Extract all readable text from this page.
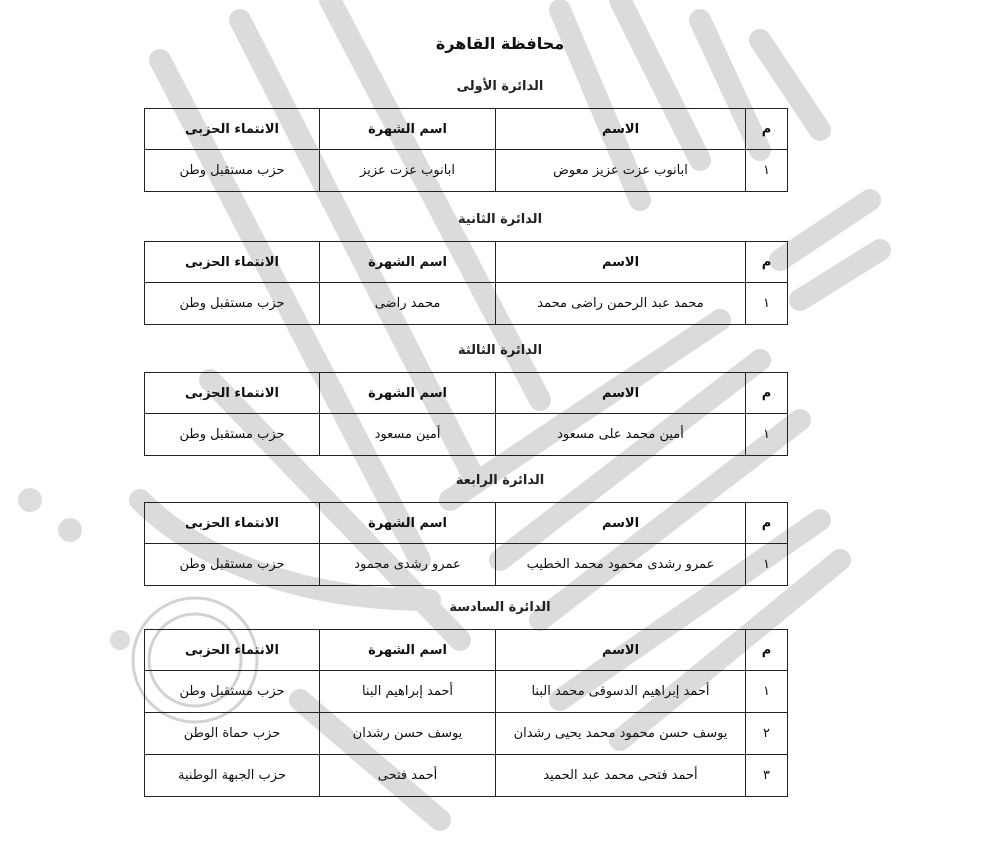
محافظة القاهرة
الدائرة الأولى
م	الاسم	اسم الشهرة	الانتماء الحزبى
١	ابانوب عزت عزيز معوض	ابانوب عزت عزيز	حزب مستقبل وطن
الدائرة الثانية
م	الاسم	اسم الشهرة	الانتماء الحزبى
١	محمد عبد الرحمن راضى محمد	محمد راضى	حزب مستقبل وطن
الدائرة الثالثة
م	الاسم	اسم الشهرة	الانتماء الحزبى
١	أمين محمد على مسعود	أمين مسعود	حزب مستقبل وطن
الدائرة الرابعة
م	الاسم	اسم الشهرة	الانتماء الحزبى
١	عمرو رشدى محمود محمد الخطيب	عمرو رشدى محمود	حزب مستقبل وطن
الدائرة السادسة
م	الاسم	اسم الشهرة	الانتماء الحزبى
١	أحمد إبراهيم الدسوقى محمد البنا	أحمد إبراهيم البنا	حزب مستقبل وطن
٢	يوسف حسن محمود محمد يحيى رشدان	يوسف حسن رشدان	حزب حماة الوطن
٣	أحمد فتحى محمد عبد الحميد	أحمد فتحى	حزب الجبهة الوطنية
